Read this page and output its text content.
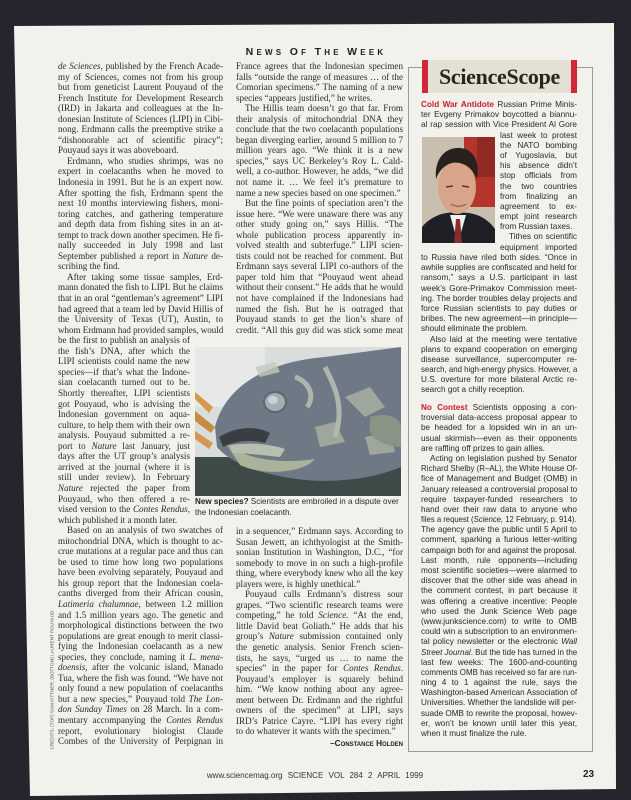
NEWS OF THE WEEK
de Sciences, published by the French Acade-
my of Sciences, comes not from his group
but from geneticist Laurent Pouyaud of the
French Institute for Development Research
(IRD) in Jakarta and colleagues at the In-
donesian Institute of Sciences (LIPI) in Cibi-
nong. Erdmann calls the preemptive strike a
“dishonorable act of scientific piracy”;
Pouyaud says it was aboveboard.
Erdmann, who studies shrimps, was no
expert in coelacanths when he moved to
Indonesia in 1991. But he is an expert now.
After spotting the fish, Erdmann spent the
next 10 months interviewing fishers, moni-
toring catches, and gathering temperature
and depth data from fishing sites in an at-
tempt to track down another specimen. He fi-
nally succeeded in July 1998 and last
September published a report in Nature de-
scribing the find.
After taking some tissue samples, Erd-
mann donated the fish to LIPI. But he claims
that in an oral “gentleman’s agreement” LIPI
had agreed that a team led by David Hillis of
the University of Texas (UT), Austin, to
whom Erdmann had provided samples, would
be the first to publish an analysis of
the fish’s DNA, after which the
LIPI scientists could name the new
species—if that’s what the Indone-
sian coelacanth turned out to be.
Shortly thereafter, LIPI scientists
got Pouyaud, who is advising the
Indonesian government on aqua-
culture, to help them with their own
analysis. Pouyaud submitted a re-
port to Nature last January, just
days after the UT group’s analysis
arrived at the journal (where it is
still under review). In February
Nature rejected the paper from
Pouyaud, who then offered a re-
vised version to the Contes Rendus,
which published it a month later.
Based on an analysis of two swatches of
mitochondrial DNA, which is thought to ac-
crue mutations at a regular pace and thus can
be used to time how long two populations
have been evolving separately, Pouyaud and
his group report that the Indonesian coela-
canths diverged from their African cousin,
Latimeria chalumnae, between 1.2 million
and 1.5 million years ago. The genetic and
morphological distinctions between the two
populations are great enough to merit classi-
fying the Indonesian coelacanth as a new
species, they conclude, naming it L. mena-
doensis, after the volcanic island, Manado
Tua, where the fish was found. “We have not
only found a new population of coelacanths
but a new species,” Pouyaud told The Lon-
don Sunday Times on 28 March. In a com-
mentary accompanying the Contes Rendus
report, evolutionary biologist Claude
Combes of the University of Perpignan in
France agrees that the Indonesian specimen
falls “outside the range of measures … of the
Comorian specimens.” The naming of a new
species “appears justified,” he writes.
The Hillis team doesn’t go that far. From
their analysis of mitochondrial DNA they
conclude that the two coelacanth populations
began diverging earlier, around 5 million to 7
million years ago. “We think it is a new
species,” says UC Berkeley’s Roy L. Cald-
well, a co-author. However, he adds, “we did
not name it. … We feel it’s premature to
name a new species based on one specimen.”
But the fine points of speciation aren’t the
issue here. “We were unaware there was any
other study going on,” says Hillis. “The
whole publication process apparently in-
volved stealth and subterfuge.” LIPI scien-
tists could not be reached for comment. But
Erdmann says several LIPI co-authors of the
paper told him that “Pouyaud went ahead
without their consent.” He adds that he would
not have complained if the Indonesians had
named the fish. But he is outraged that
Pouyaud stands to get the lion’s share of
credit. “All this guy did was stick some meat
in a sequencer,” Erdmann says. According to
Susan Jewett, an ichthyologist at the Smith-
sonian Institution in Washington, D.C., “for
somebody to move in on such a high-profile
thing, where everybody knew who all the key
players were, is highly unethical.”
Pouyaud calls Erdmann’s distress sour
grapes. “Two scientific research teams were
competing,” he told Science. “At the end,
little David beat Goliath.” He adds that his
group’s Nature submission contained only
the genetic analysis. Senior French scien-
tists, he says, “urged us … to name the
species” in the paper for Contes Rendus.
Pouyaud’s employer is squarely behind
him. “We know nothing about any agree-
ment between Dr. Erdmann and the rightful
owners of the specimen” at LIPI, says
IRD’s Patrice Cayre. “LIPI has every right
to do whatever it wants with the specimen.”
Cold War Antidote Russian Prime Minis-
ter Evgeny Primakov boycotted a biannu-
al rap session with Vice President Al Gore
last week to protest
the NATO bombing
of Yugoslavia, but
his absence didn’t
stop officials from
the two countries
from finalizing an
agreement to ex-
empt joint research
from Russian taxes.
Tithes on scientific
equipment imported
to Russia have riled both sides. “Once in
awhile supplies are confiscated and held for
ransom,” says a U.S. participant in last
week’s Gore-Primakov Commission meet-
ing. The border troubles delay projects and
force Russian scientists to pay duties or
bribes. The new agreement—in principle—
should eliminate the problem.
Also laid at the meeting were tentative
plans to expand cooperation on emerging
disease surveillance, supercomputer re-
search, and high-energy physics. However, a
U.S. overture for more bilateral Arctic re-
search got a chilly reception.
No Contest Scientists opposing a con-
troversial data-access proposal appear to
be headed for a lopsided win in an un-
usual skirmish—even as their opponents
are raffling off prizes to gain allies.
Acting on legislation pushed by Senator
Richard Shelby (R–AL), the White House Of-
fice of Management and Budget (OMB) in
January released a controversial proposal to
require taxpayer-funded researchers to
hand over their raw data to anyone who
files a request (Science, 12 February, p. 914).
The agency gave the public until 5 April to
comment, sparking a furious letter-writing
campaign both for and against the proposal.
Last month, rule opponents—including
most scientific societies—were alarmed to
discover that the other side was ahead in
the comment contest, in part because it
was offering a creative incentive: People
who used the Junk Science Web page
(www.junkscience.com) to write to OMB
could win a subscription to an environmen-
tal policy newsletter or the electronic Wall
Street Journal. But the tide has turned in the
last few weeks: The 1600-and-counting
comments OMB has received so far are run-
ning 4 to 1 against the rule, says the
Washington-based American Association of
Universities. Whether the landslide will per-
suade OMB to rewrite the proposal, howev-
er, won’t be known until later this year,
when it must finalize the rule.
New species? Scientists are embroiled in a dispute over the Indonesian coelacanth.
–Constance Holden
ScienceScope
CREDITS: (TOP) SAM KITTNER; (BOTTOM) LAURENT POUYAUD
www.sciencemag.org SCIENCE VOL 284 2 APRIL 1999	23
